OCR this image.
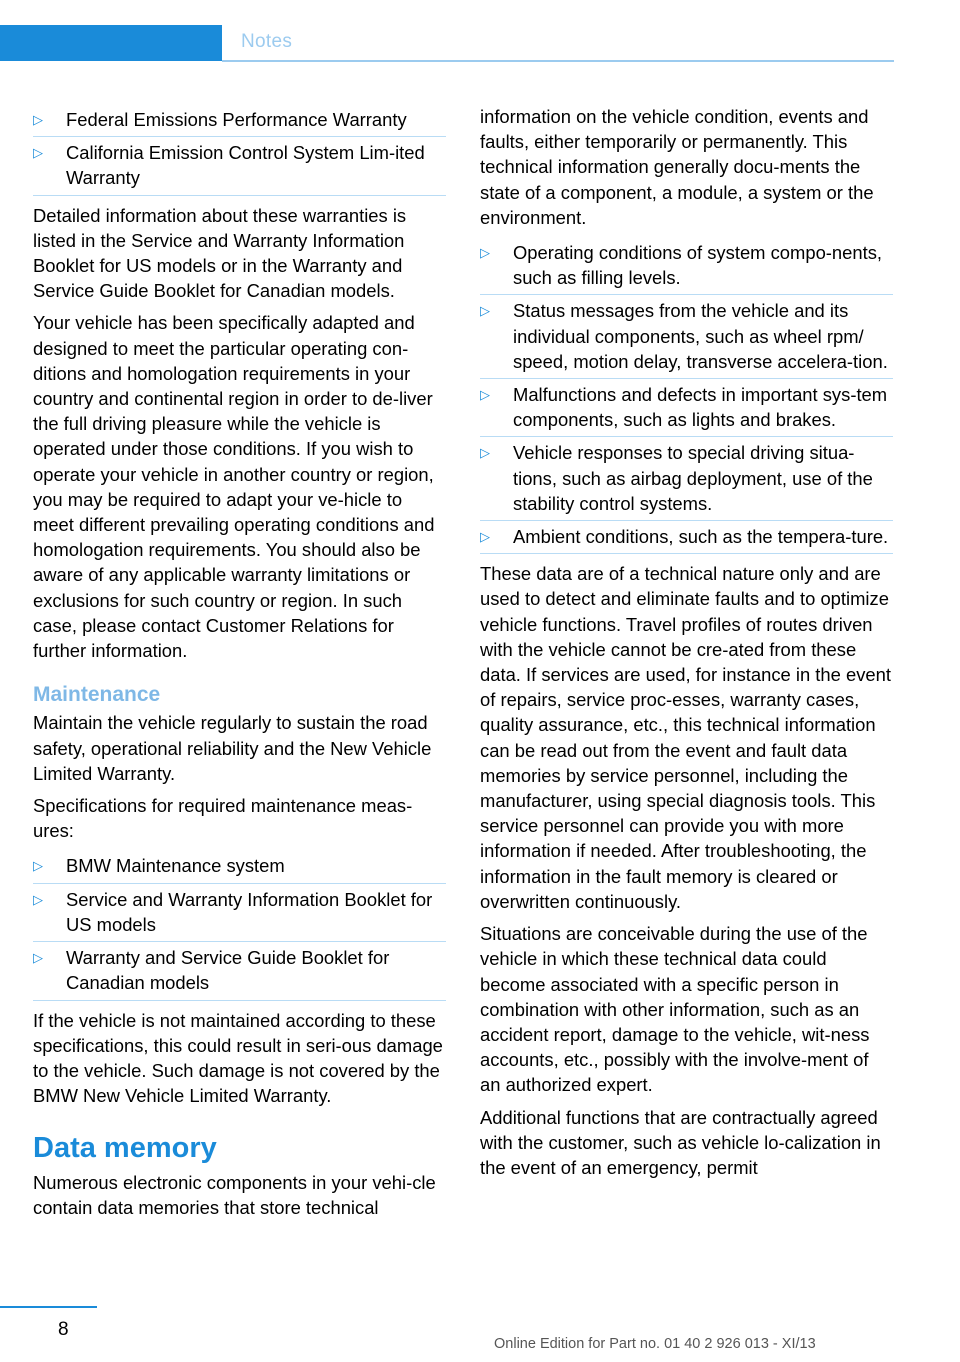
Notes
▷ Federal Emissions Performance Warranty
▷ California Emission Control System Lim‐ited Warranty

Detailed information about these warranties is listed in the Service and Warranty Information Booklet for US models or in the Warranty and Service Guide Booklet for Canadian models.

Your vehicle has been specifically adapted and designed to meet the particular operating con‐ditions and homologation requirements in your country and continental region in order to de‐liver the full driving pleasure while the vehicle is operated under those conditions. If you wish to operate your vehicle in another country or region, you may be required to adapt your ve‐hicle to meet different prevailing operating conditions and homologation requirements. You should also be aware of any applicable warranty limitations or exclusions for such country or region. In such case, please contact Customer Relations for further information.

Maintenance

Maintain the vehicle regularly to sustain the road safety, operational reliability and the New Vehicle Limited Warranty.

Specifications for required maintenance meas‐ures:

▷ BMW Maintenance system
▷ Service and Warranty Information Booklet for US models
▷ Warranty and Service Guide Booklet for Canadian models

If the vehicle is not maintained according to these specifications, this could result in seri‐ous damage to the vehicle. Such damage is not covered by the BMW New Vehicle Limited Warranty.

Data memory

Numerous electronic components in your vehi‐cle contain data memories that store technical

information on the vehicle condition, events and faults, either temporarily or permanently. This technical information generally docu‐ments the state of a component, a module, a system or the environment.

▷ Operating conditions of system compo‐nents, such as filling levels.
▷ Status messages from the vehicle and its individual components, such as wheel rpm/ speed, motion delay, transverse accelera‐tion.
▷ Malfunctions and defects in important sys‐tem components, such as lights and brakes.
▷ Vehicle responses to special driving situa‐tions, such as airbag deployment, use of the stability control systems.
▷ Ambient conditions, such as the tempera‐ture.

These data are of a technical nature only and are used to detect and eliminate faults and to optimize vehicle functions. Travel profiles of routes driven with the vehicle cannot be cre‐ated from these data. If services are used, for instance in the event of repairs, service proc‐esses, warranty cases, quality assurance, etc., this technical information can be read out from the event and fault data memories by service personnel, including the manufacturer, using special diagnosis tools. This service personnel can provide you with more information if needed. After troubleshooting, the information in the fault memory is cleared or overwritten continuously.

Situations are conceivable during the use of the vehicle in which these technical data could become associated with a specific person in combination with other information, such as an accident report, damage to the vehicle, wit‐ness accounts, etc., possibly with the involve‐ment of an authorized expert.

Additional functions that are contractually agreed with the customer, such as vehicle lo‐calization in the event of an emergency, permit

8
Online Edition for Part no. 01 40 2 926 013 - XI/13
